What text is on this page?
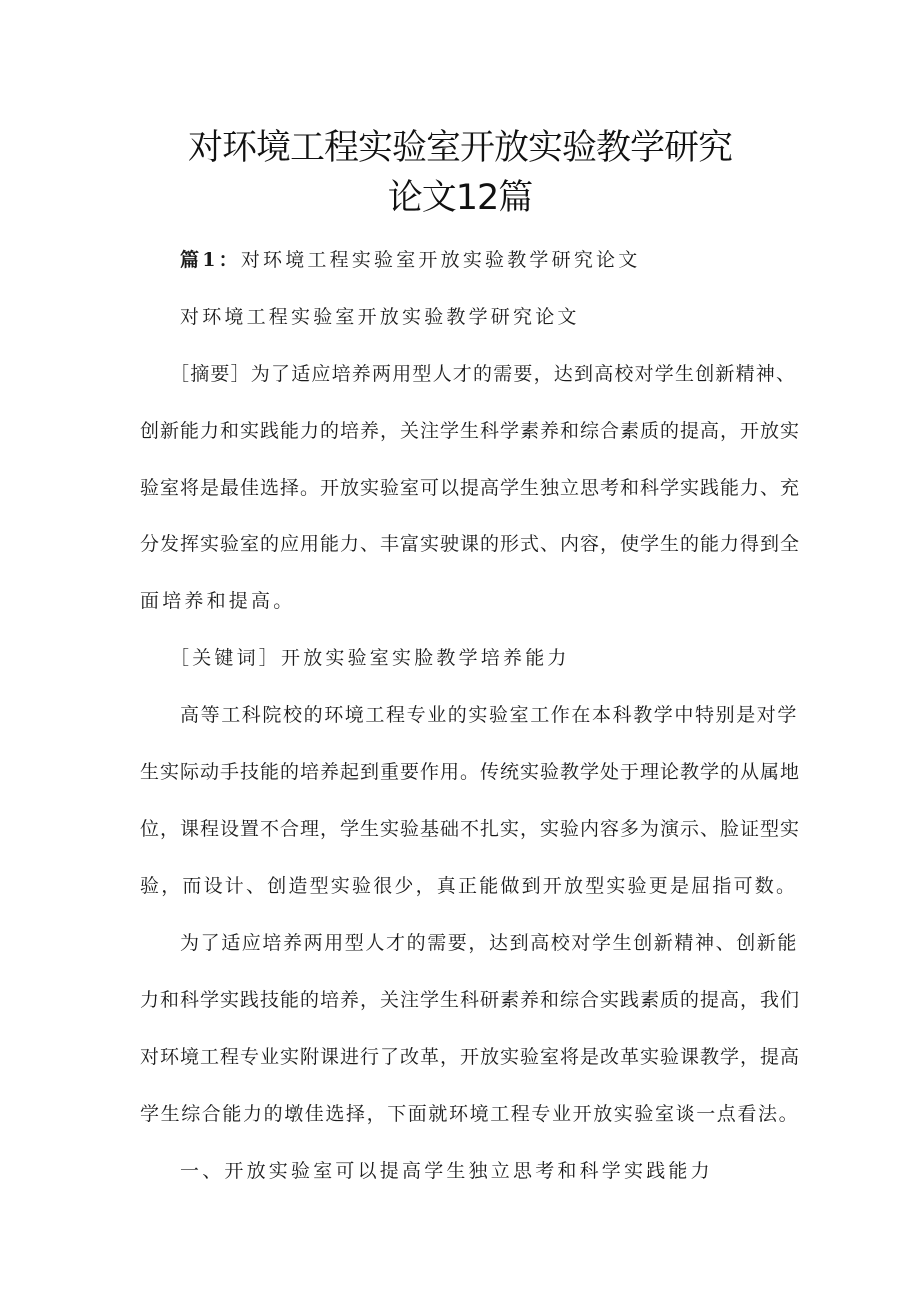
对环境工程实验室开放实验教学研究
论文12篇

篇1：对环境工程实验室开放实验教学研究论文

对环境工程实验室开放实验教学研究论文

［摘要］为了适应培养两用型人才的需要，达到高校对学生创新精神、

创新能力和实践能力的培养，关注学生科学素养和综合素质的提高，开放实

验室将是最佳选择。开放实验室可以提高学生独立思考和科学实践能力、充

分发挥实验室的应用能力、丰富实驶课的形式、内容，使学生的能力得到全

面培养和提高。

［关键词］开放实验室实脸教学培养能力

高等工科院校的环境工程专业的实验室工作在本科教学中特别是对学

生实际动手技能的培养起到重要作用。传统实验教学处于理论教学的从属地

位，课程设置不合理，学生实验基础不扎实，实验内容多为演示、脸证型实

验，而设计、创造型实验很少，真正能做到开放型实验更是屈指可数。

为了适应培养两用型人才的需要，达到高校对学生创新精神、创新能

力和科学实践技能的培养，关注学生科研素养和综合实践素质的提高，我们

对环境工程专业实附课进行了改革，开放实验室将是改革实验课教学，提高

学生综合能力的墩佳选择，下面就环境工程专业开放实验室谈一点看法。

一、开放实验室可以提高学生独立思考和科学实践能力
